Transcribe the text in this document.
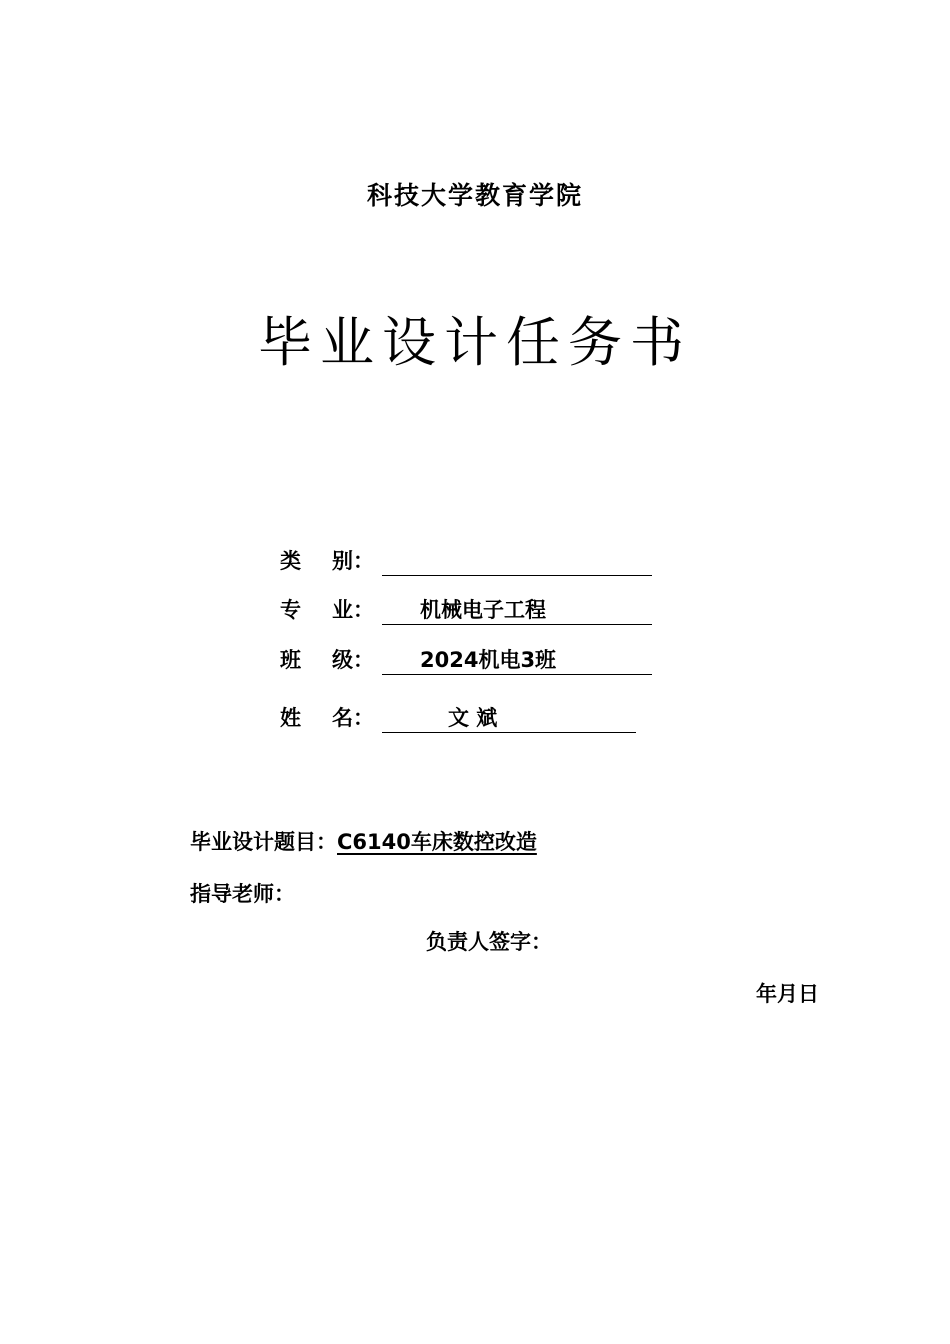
科技大学教育学院
毕业设计任务书
类 别：
专 业：	机械电子工程
班 级：	2024机电3班
姓 名：	文 斌
毕业设计题目：C6140车床数控改造
指导老师：
负责人签字：
年月日
